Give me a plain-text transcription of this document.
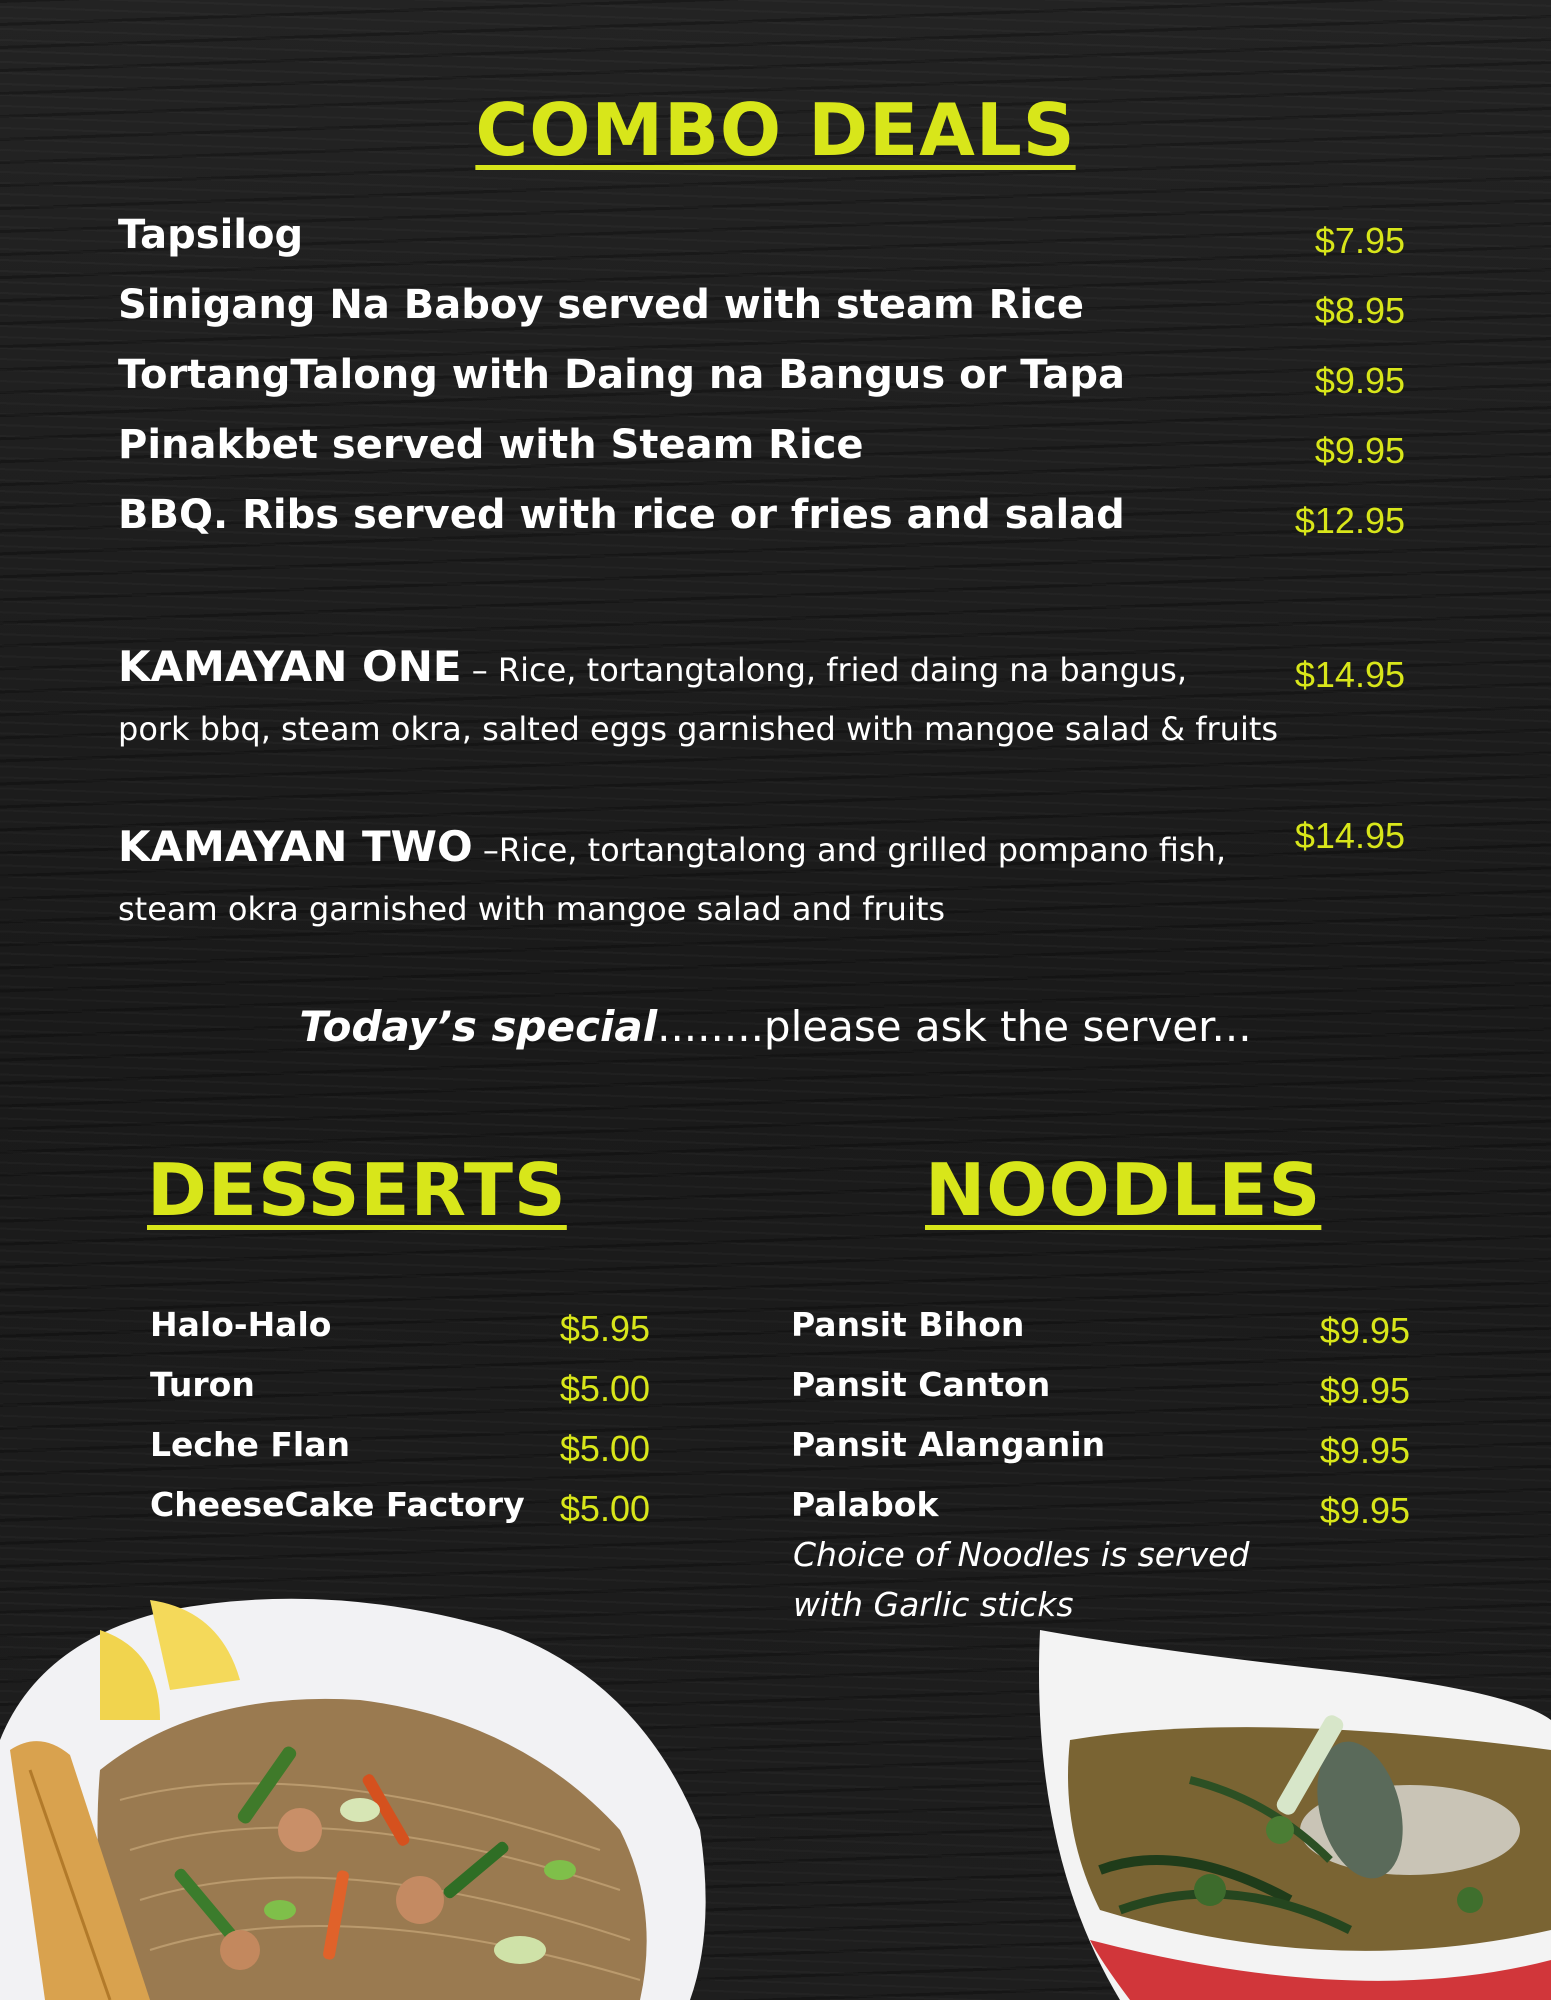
COMBO DEALS
Tapsilog	$7.95
Sinigang Na Baboy served with steam Rice	$8.95
TortangTalong with Daing na Bangus or Tapa	$9.95
Pinakbet served with Steam Rice	$9.95
BBQ. Ribs served with rice or fries and salad	$12.95
KAMAYAN ONE – Rice, tortangtalong, fried daing na bangus,
pork bbq, steam okra, salted eggs garnished with mangoe salad & fruits
$14.95
KAMAYAN TWO –Rice, tortangtalong and grilled pompano fish,
steam okra garnished with mangoe salad and fruits
$14.95
Today’s special........please ask the server...
DESSERTS
Halo-Halo	$5.95
Turon	$5.00
Leche Flan	$5.00
CheeseCake Factory $5.00
NOODLES
Pansit Bihon	$9.95
Pansit Canton	$9.95
Pansit Alanganin	$9.95
Palabok	$9.95
Choice of Noodles is served
with Garlic sticks
